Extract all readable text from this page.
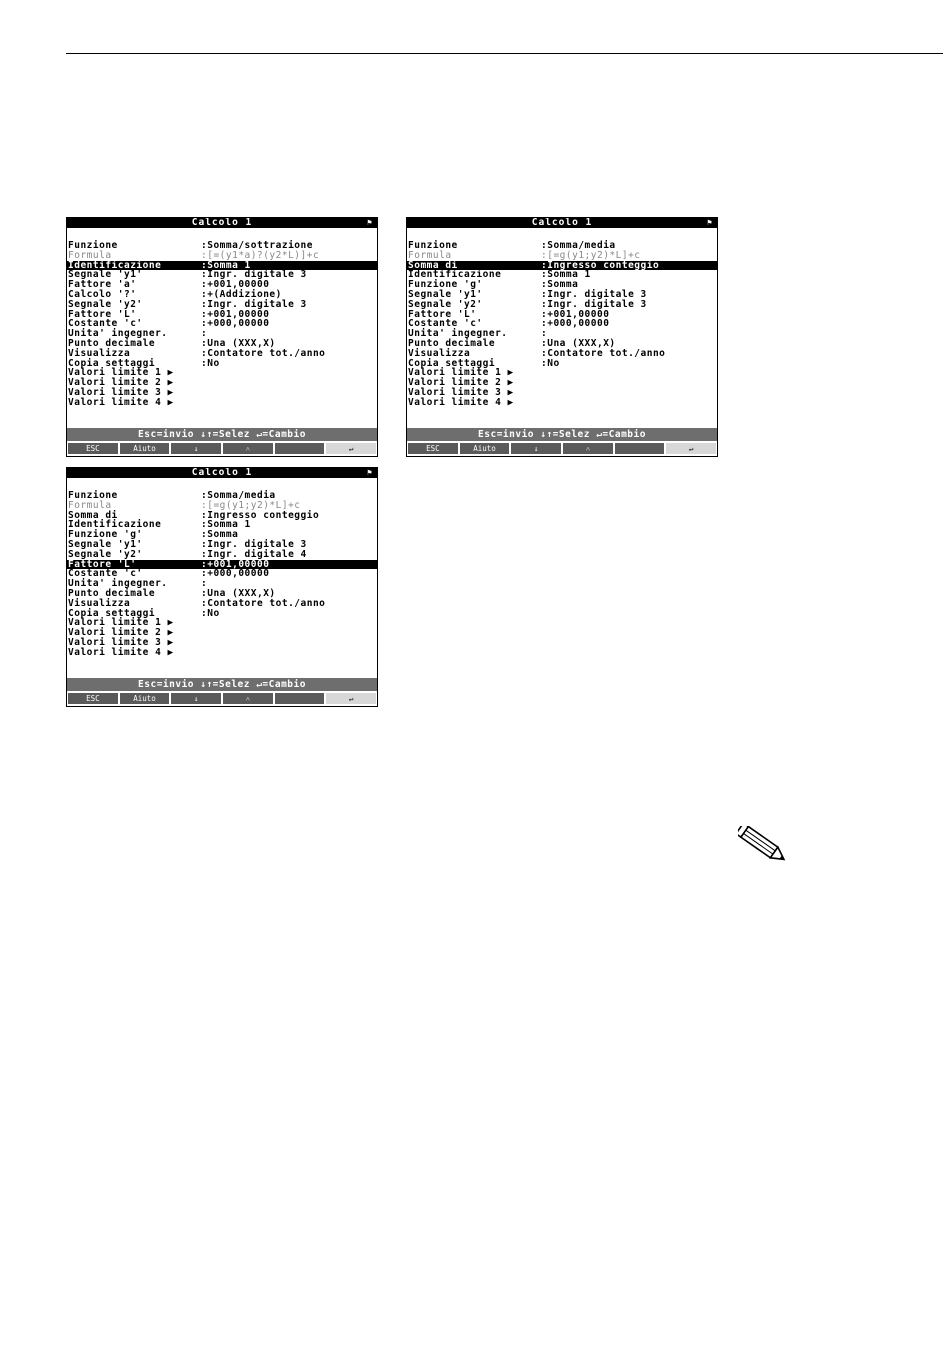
Calcolo 1	⚑
Funzione	:Somma/sottrazione
Formula	:[=(y1*a)?(y2*L)]+c
Identificazione	:Somma 1
Segnale 'y1'	:Ingr. digitale 3
Fattore 'a'	:+001,00000
Calcolo '?'	:+(Addizione)
Segnale 'y2'	:Ingr. digitale 3
Fattore 'L'	:+001,00000
Costante 'c'	:+000,00000
Unita' ingegner.	:
Punto decimale	:Una (XXX,X)
Visualizza	:Contatore tot./anno
Copia settaggi	:No
Valori limite 1 ▶
Valori limite 2 ▶
Valori limite 3 ▶
Valori limite 4 ▶
Esc=invio ↓↑=Selez ↵=Cambio
ESC	Aiuto	↓	˄	↵
Calcolo 1	⚑
Funzione	:Somma/media
Formula	:[=g(y1;y2)*L]+c
Somma di	:Ingresso conteggio
Identificazione	:Somma 1
Funzione 'g'	:Somma
Segnale 'y1'	:Ingr. digitale 3
Segnale 'y2'	:Ingr. digitale 3
Fattore 'L'	:+001,00000
Costante 'c'	:+000,00000
Unita' ingegner.	:
Punto decimale	:Una (XXX,X)
Visualizza	:Contatore tot./anno
Copia settaggi	:No
Valori limite 1 ▶
Valori limite 2 ▶
Valori limite 3 ▶
Valori limite 4 ▶
Esc=invio ↓↑=Selez ↵=Cambio
ESC	Aiuto	↓	˄	↵
Calcolo 1	⚑
Funzione	:Somma/media
Formula	:[=g(y1;y2)*L]+c
Somma di	:Ingresso conteggio
Identificazione	:Somma 1
Funzione 'g'	:Somma
Segnale 'y1'	:Ingr. digitale 3
Segnale 'y2'	:Ingr. digitale 4
Fattore 'L'	:+001,00000
Costante 'c'	:+000,00000
Unita' ingegner.	:
Punto decimale	:Una (XXX,X)
Visualizza	:Contatore tot./anno
Copia settaggi	:No
Valori limite 1 ▶
Valori limite 2 ▶
Valori limite 3 ▶
Valori limite 4 ▶
Esc=invio ↓↑=Selez ↵=Cambio
ESC	Aiuto	↓	˄	↵
